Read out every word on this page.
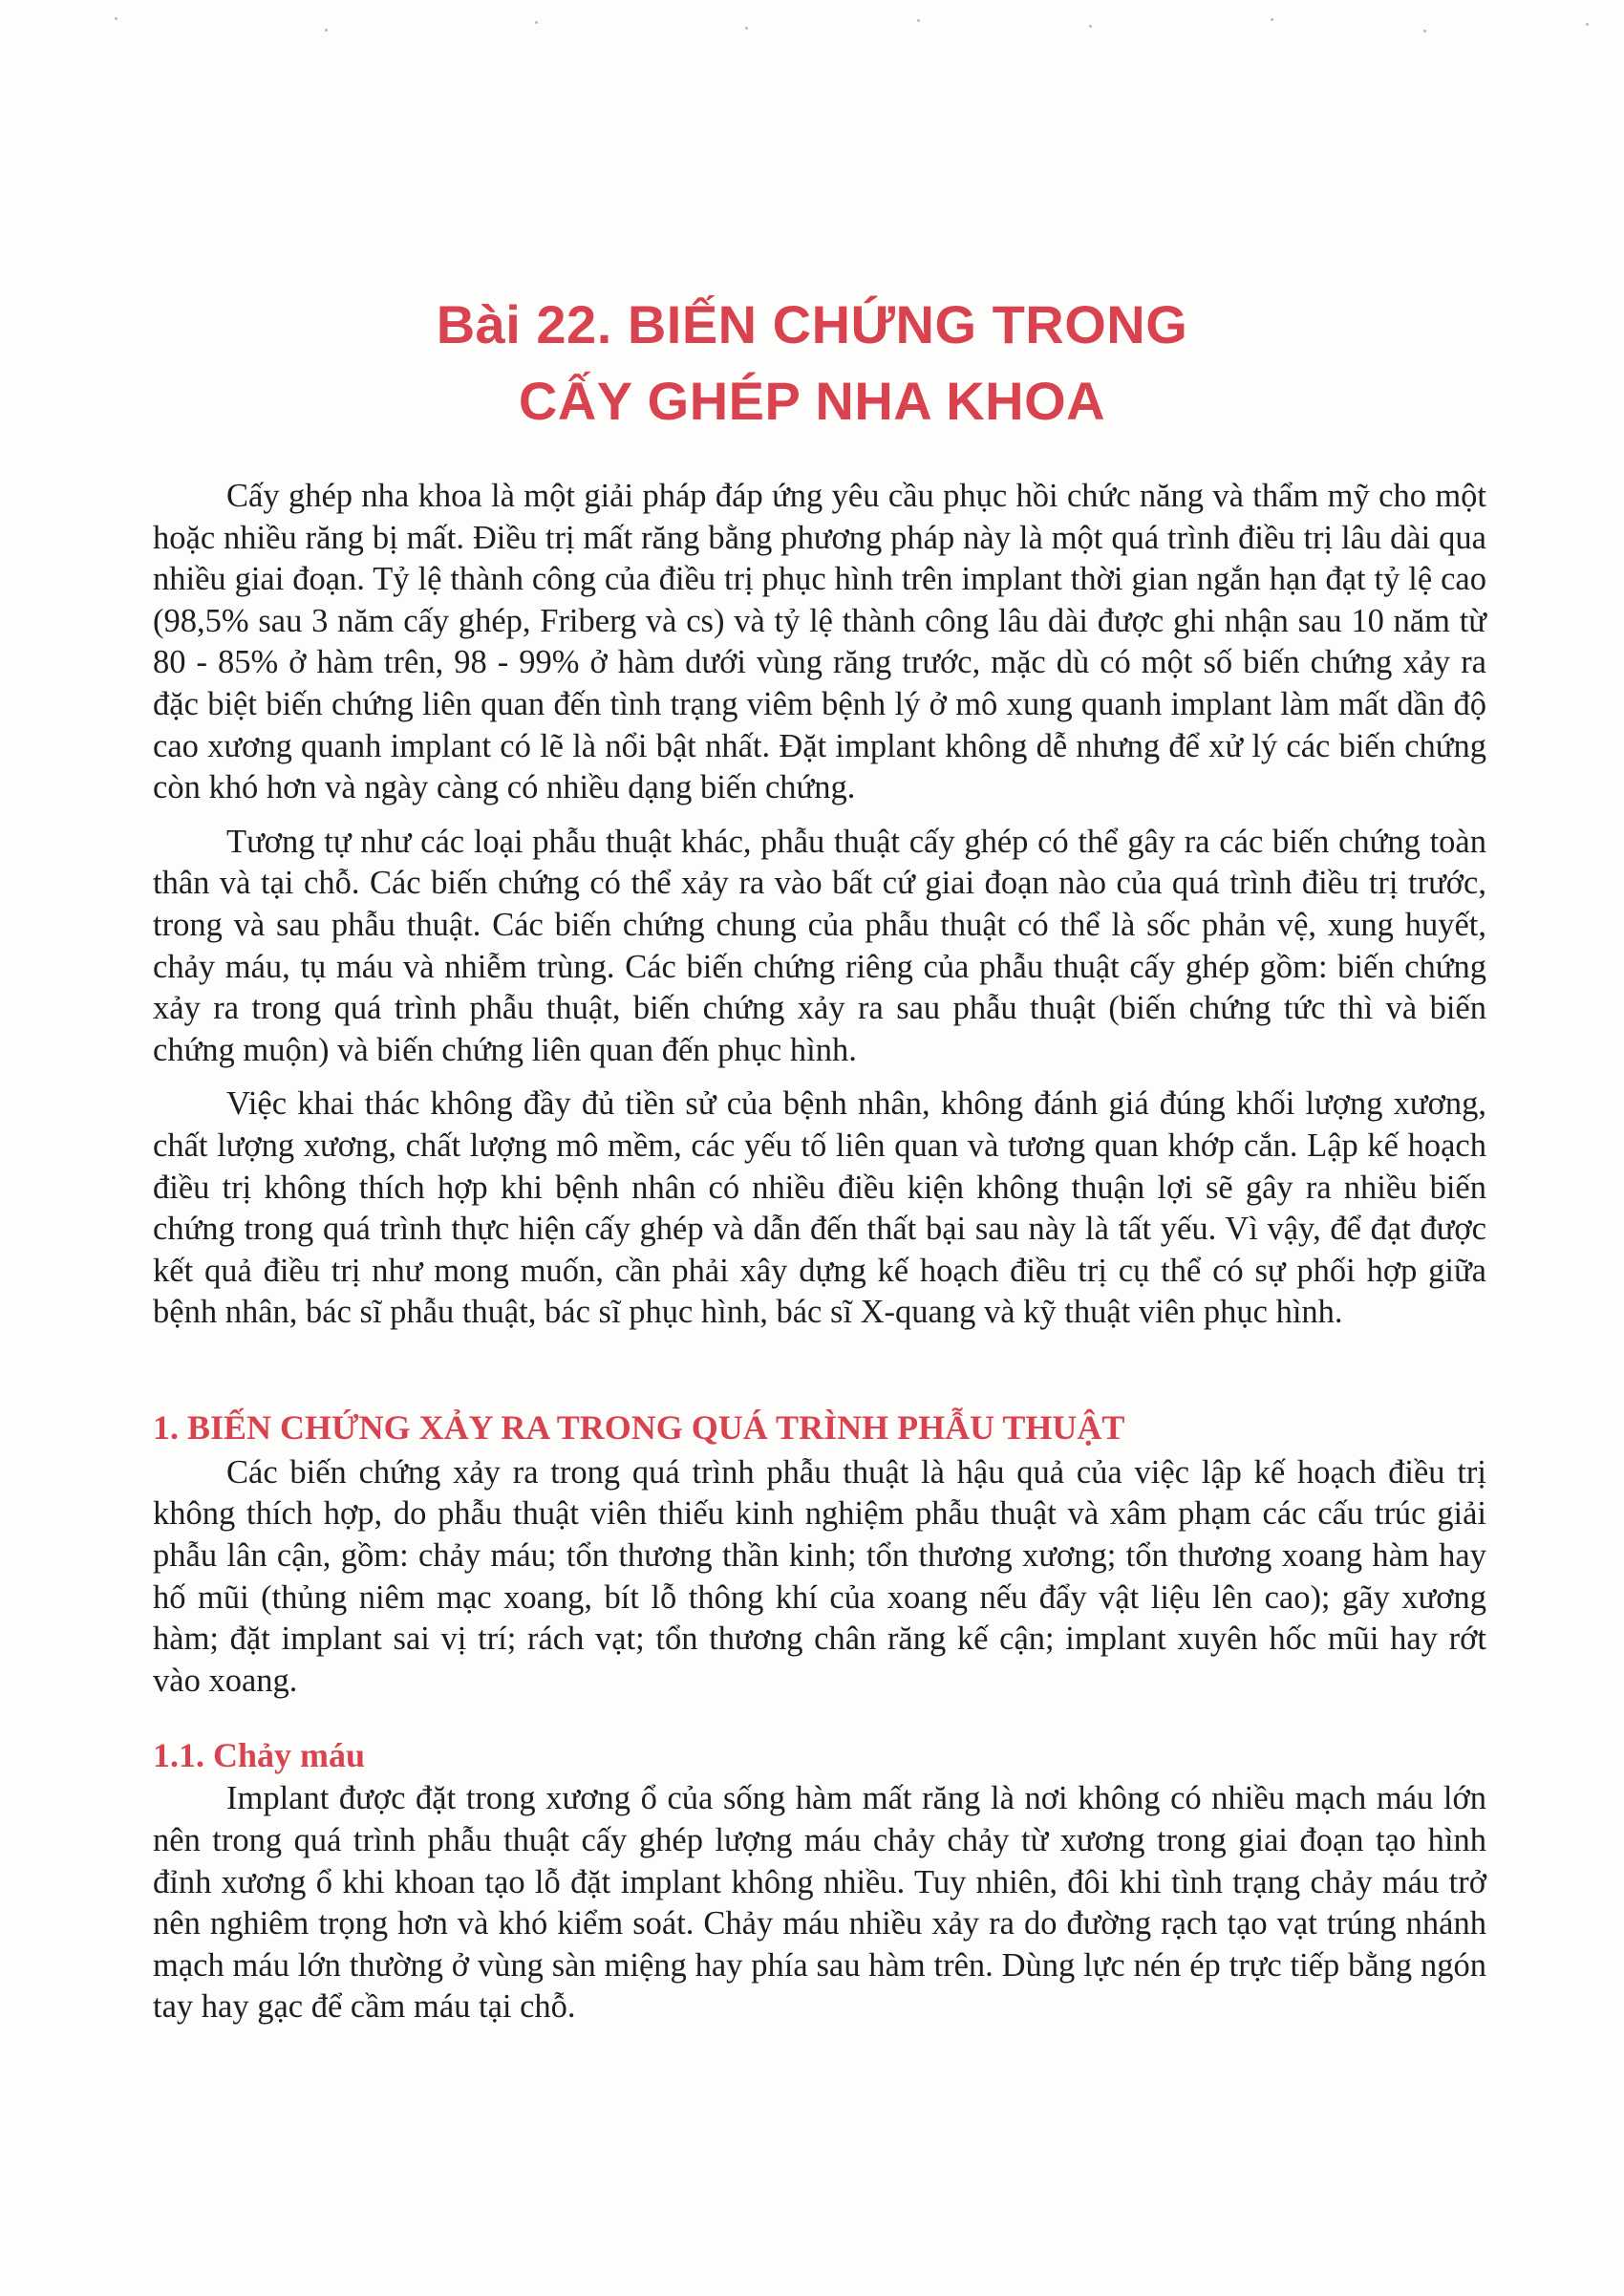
Bài 22. BIẾN CHỨNG TRONG
CẤY GHÉP NHA KHOA

Cấy ghép nha khoa là một giải pháp đáp ứng yêu cầu phục hồi chức năng và thẩm mỹ cho một hoặc nhiều răng bị mất. Điều trị mất răng bằng phương pháp này là một quá trình điều trị lâu dài qua nhiều giai đoạn. Tỷ lệ thành công của điều trị phục hình trên implant thời gian ngắn hạn đạt tỷ lệ cao (98,5% sau 3 năm cấy ghép, Friberg và cs) và tỷ lệ thành công lâu dài được ghi nhận sau 10 năm từ 80 - 85% ở hàm trên, 98 - 99% ở hàm dưới vùng răng trước, mặc dù có một số biến chứng xảy ra đặc biệt biến chứng liên quan đến tình trạng viêm bệnh lý ở mô xung quanh implant làm mất dần độ cao xương quanh implant có lẽ là nổi bật nhất. Đặt implant không dễ nhưng để xử lý các biến chứng còn khó hơn và ngày càng có nhiều dạng biến chứng.

Tương tự như các loại phẫu thuật khác, phẫu thuật cấy ghép có thể gây ra các biến chứng toàn thân và tại chỗ. Các biến chứng có thể xảy ra vào bất cứ giai đoạn nào của quá trình điều trị trước, trong và sau phẫu thuật. Các biến chứng chung của phẫu thuật có thể là sốc phản vệ, xung huyết, chảy máu, tụ máu và nhiễm trùng. Các biến chứng riêng của phẫu thuật cấy ghép gồm: biến chứng xảy ra trong quá trình phẫu thuật, biến chứng xảy ra sau phẫu thuật (biến chứng tức thì và biến chứng muộn) và biến chứng liên quan đến phục hình.

Việc khai thác không đầy đủ tiền sử của bệnh nhân, không đánh giá đúng khối lượng xương, chất lượng xương, chất lượng mô mềm, các yếu tố liên quan và tương quan khớp cắn. Lập kế hoạch điều trị không thích hợp khi bệnh nhân có nhiều điều kiện không thuận lợi sẽ gây ra nhiều biến chứng trong quá trình thực hiện cấy ghép và dẫn đến thất bại sau này là tất yếu. Vì vậy, để đạt được kết quả điều trị như mong muốn, cần phải xây dựng kế hoạch điều trị cụ thể có sự phối hợp giữa bệnh nhân, bác sĩ phẫu thuật, bác sĩ phục hình, bác sĩ X-quang và kỹ thuật viên phục hình.

1. BIẾN CHỨNG XẢY RA TRONG QUÁ TRÌNH PHẪU THUẬT

Các biến chứng xảy ra trong quá trình phẫu thuật là hậu quả của việc lập kế hoạch điều trị không thích hợp, do phẫu thuật viên thiếu kinh nghiệm phẫu thuật và xâm phạm các cấu trúc giải phẫu lân cận, gồm: chảy máu; tổn thương thần kinh; tổn thương xương; tổn thương xoang hàm hay hố mũi (thủng niêm mạc xoang, bít lỗ thông khí của xoang nếu đẩy vật liệu lên cao); gãy xương hàm; đặt implant sai vị trí; rách vạt; tổn thương chân răng kế cận; implant xuyên hốc mũi hay rớt vào xoang.

1.1. Chảy máu

Implant được đặt trong xương ổ của sống hàm mất răng là nơi không có nhiều mạch máu lớn nên trong quá trình phẫu thuật cấy ghép lượng máu chảy chảy từ xương trong giai đoạn tạo hình đỉnh xương ổ khi khoan tạo lỗ đặt implant không nhiều. Tuy nhiên, đôi khi tình trạng chảy máu trở nên nghiêm trọng hơn và khó kiểm soát. Chảy máu nhiều xảy ra do đường rạch tạo vạt trúng nhánh mạch máu lớn thường ở vùng sàn miệng hay phía sau hàm trên. Dùng lực nén ép trực tiếp bằng ngón tay hay gạc để cầm máu tại chỗ.
